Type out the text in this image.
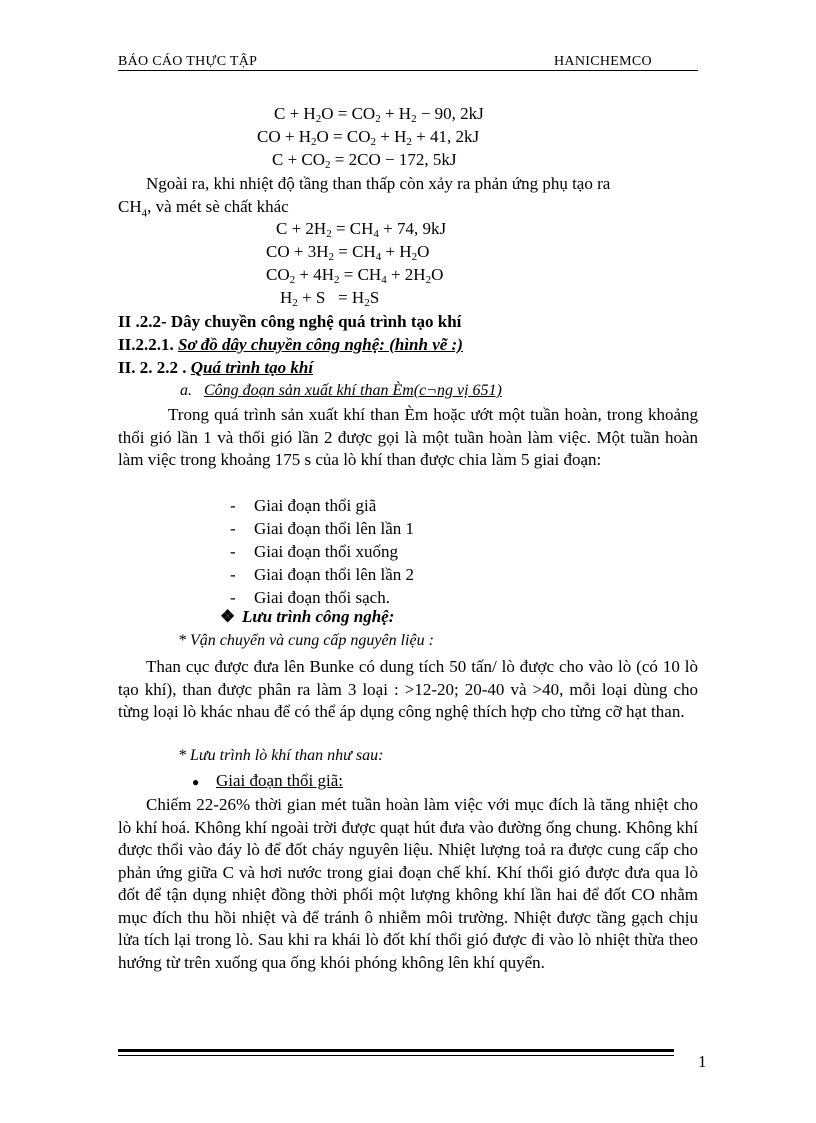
BÁO CÁO THỰC TẬP	HANICHEMCO
$C + H_2O = CO_2 + H_2 - 90$, 2kJ
CO + $H_2O = CO_2 + H_2 + 41$, 2kJ
$C + CO_2 = 2CO - 172$, 5kJ
Ngoài ra, khi nhiệt độ tầng than thấp còn xảy ra phản ứng phụ tạo ra
$CH_4$, và mét sè chất khác
$C + 2H_2 = CH_4 + 74$, 9kJ
CO + $3H_2 = CH_4 + H_2O$
$CO_2 + 4H_2 = CH_4 + 2H_2O$
$H_2 + S = H_2S$
II .2.2- Dây chuyền công nghệ quá trình tạo khí
II.2.2.1. Sơ đồ dây chuyền công nghệ: (hình vẽ :)
II. 2. 2.2 . Quá trình tạo khí
a. Công đoạn sản xuất khí than Èm(c¬ng vị 651)
Trong quá trình sản xuất khí than Èm hoặc ướt một tuần hoàn, trong khoảng thổi gió lần 1 và thổi gió lần 2 được gọi là một tuần hoàn làm việc. Một tuần hoàn làm việc trong khoảng 175 s của lò khí than được chia làm 5 giai đoạn:
- Giai đoạn thổi giã
- Giai đoạn thổi lên lần 1
- Giai đoạn thổi xuống
- Giai đoạn thổi lên lần 2
- Giai đoạn thổi sạch.
❖ Lưu trình công nghệ:
* Vận chuyển và cung cấp nguyên liệu :
Than cục được đưa lên Bunke có dung tích 50 tấn/ lò được cho vào lò (có 10 lò tạo khí), than được phân ra làm 3 loại : >12-20; 20-40 và >40, mỗi loại dùng cho từng loại lò khác nhau để có thể áp dụng công nghệ thích hợp cho từng cỡ hạt than.
* Lưu trình lò khí than như sau:
● Giai đoạn thổi giã:
Chiếm 22-26% thời gian mét tuần hoàn làm việc với mục đích là tăng nhiệt cho lò khí hoá. Không khí ngoài trời được quạt hút đưa vào đường ống chung. Không khí được thổi vào đáy lò để đốt cháy nguyên liệu. Nhiệt lượng toả ra được cung cấp cho phản ứng giữa C và hơi nước trong giai đoạn chế khí. Khí thổi gió được đưa qua lò đốt để tận dụng nhiệt đồng thời phối một lượng không khí lần hai để đốt CO nhằm mục đích thu hồi nhiệt và để tránh ô nhiễm môi trường. Nhiệt được tầng gạch chịu lửa tích lại trong lò. Sau khi ra khái lò đốt khí thổi gió được đi vào lò nhiệt thừa theo hướng từ trên xuống qua ống khói phóng không lên khí quyển.
1
